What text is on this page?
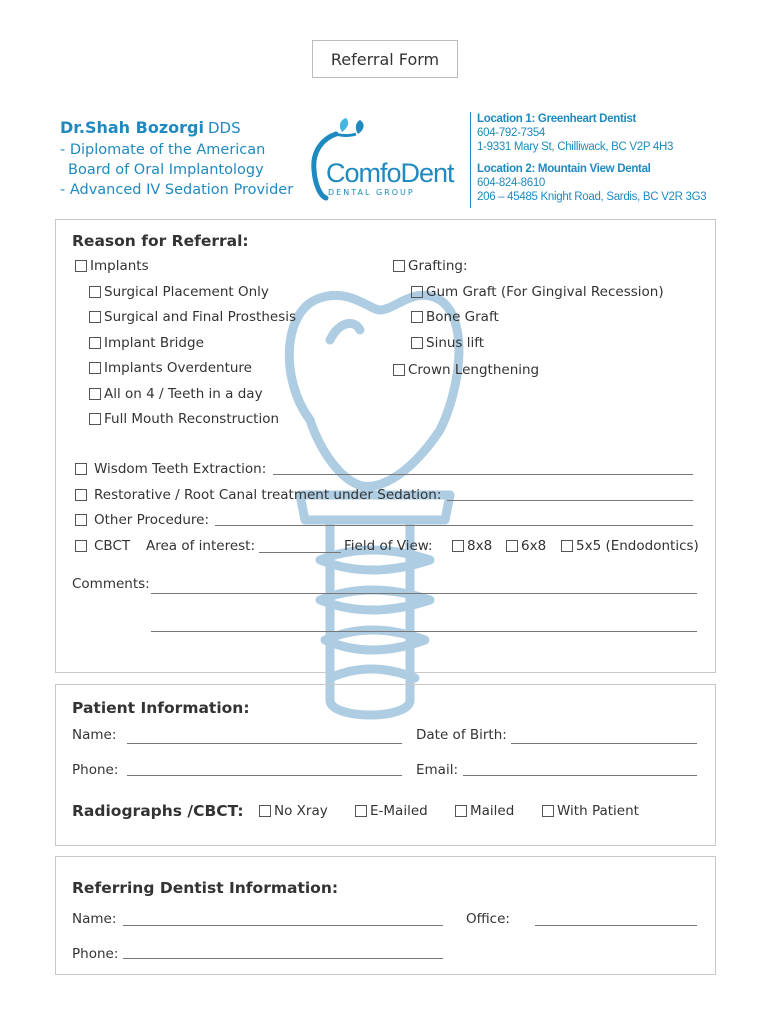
Referral Form
Dr.Shah Bozorgi DDS
- Diplomate of the American
Board of Oral Implantology
- Advanced IV Sedation Provider
ComfoDent
DENTAL GROUP
Location 1: Greenheart Dentist
604-792-7354
1-9331 Mary St, Chilliwack, BC V2P 4H3
Location 2: Mountain View Dental
604-824-8610
206 – 45485 Knight Road, Sardis, BC V2R 3G3
Reason for Referral:
Implants
Surgical Placement Only
Surgical and Final Prosthesis
Implant Bridge
Implants Overdenture
All on 4 / Teeth in a day
Full Mouth Reconstruction
Grafting:
Gum Graft (For Gingival Recession)
Bone Graft
Sinus lift
Crown Lengthening
Wisdom Teeth Extraction:
Restorative / Root Canal treatment under Sedation:
Other Procedure:
CBCT Area of interest:	Field of View:	8x8 6x8 5x5 (Endodontics)
Comments:
Patient Information:
Name:	Date of Birth:
Phone:	Email:
Radiographs /CBCT: No Xray	E-Mailed	Mailed	With Patient
Referring Dentist Information:
Name:	Office:
Phone:
